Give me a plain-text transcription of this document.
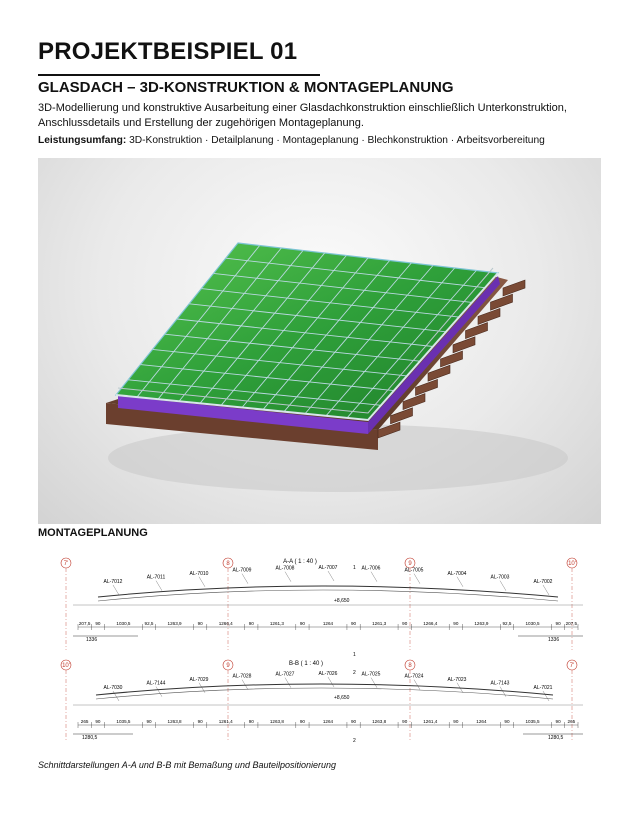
PROJEKTBEISPIEL 01
GLASDACH – 3D-KONSTRUKTION & MONTAGEPLANUNG

3D-Modellierung und konstruktive Ausarbeitung einer Glasdachkonstruktion einschließlich Unterkonstruktion, Anschlussdetails und Erstellung der zugehörigen Montageplanung.

Leistungsumfang: 3D-Konstruktion · Detailplanung · Montageplanung · Blechkonstruktion · Arbeitsvorbereitung

MONTAGEPLANUNG
A-A ( 1 : 40 )
7'	8	9	10'
AL-7012
AL-7011
AL-7010
AL-7009	AL-7008	AL-7007	AL-7006	AL-7005
AL-7004
AL-7003
AL-7002
207,5 90	1030,5	92,5	1263,9	90	1266,4	90	1261,3	90	1264	90	1261,3	90	1266,4	90	1263,9	92,5	1030,5	90 207,5
+8,650
1
1
1336	1336
B-B ( 1 : 40 )
10'	9	8	7'
AL-7030
AL-7144
AL-7029
AL-7028	AL-7027	AL-7026	AL-7025	AL-7024
AL-7023
AL-7143
AL-7021
265 90	1035,5	90	1263,8	90	1261,4	90	1263,8	90	1264	90	1263,8	90	1261,4	90	1264	90	1035,5	90 265
+8,650
2
2
1280,5	1280,5

Schnittdarstellungen A-A und B-B mit Bemaßung und Bauteilpositionierung
